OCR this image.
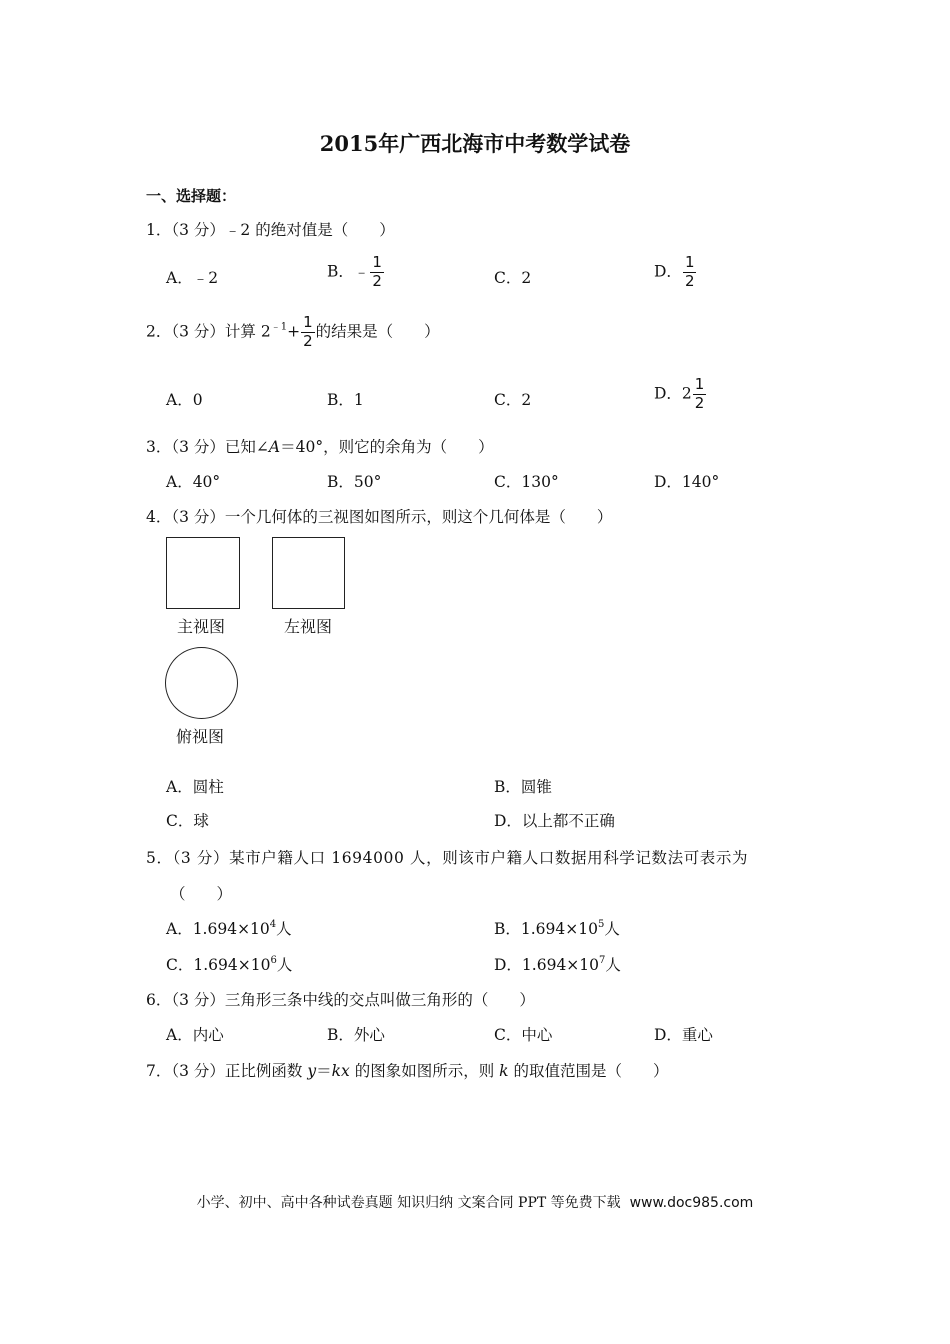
2015年广西北海市中考数学试卷
一、选择题：
1．（3 分）﹣2 的绝对值是（　　）
A．﹣2	B．﹣ $\frac{1}{2}$	C．2	D． $\frac{1}{2}$
2．（3 分）计算 $2^{﹣1}+ \frac{1}{2}$ 的结果是（　　）
A．0	B．1	C．2	D．$2 \frac{1}{2}$
3．（3 分）已知∠A＝40°，则它的余角为（　　）
A．40°	B．50°	C．130°	D．140°
4．（3 分）一个几何体的三视图如图所示，则这个几何体是（　　）
主视图	左视图
俯视图
A．圆柱	B．圆锥
C．球	D．以上都不正确
5．（3 分）某市户籍人口 1694000 人，则该市户籍人口数据用科学记数法可表示为
（　　）
A．$1.694\times 10^4$人	B．$1.694\times 10^5$人
C．$1.694\times 10^6$人	D．$1.694\times 10^7$人
6．（3 分）三角形三条中线的交点叫做三角形的（　　）
A．内心	B．外心	C．中心	D．重心
7．（3 分）正比例函数 y＝kx 的图象如图所示，则 k 的取值范围是（　　）
小学、初中、高中各种试卷真题 知识归纳 文案合同 PPT 等免费下载 www.doc985.com
